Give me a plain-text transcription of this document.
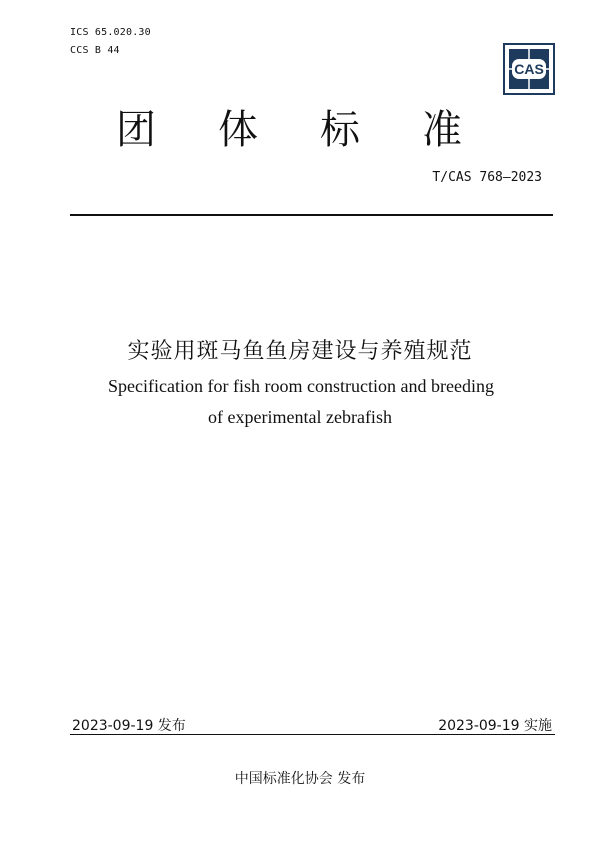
ICS 65.020.30
CCS B 44
CAS
团体标准
T/CAS 768—2023
实验用斑马鱼鱼房建设与养殖规范
Specification for fish room construction and breeding
of experimental zebrafish
2023-09-19 发布	2023-09-19 实施
中国标准化协会 发布
